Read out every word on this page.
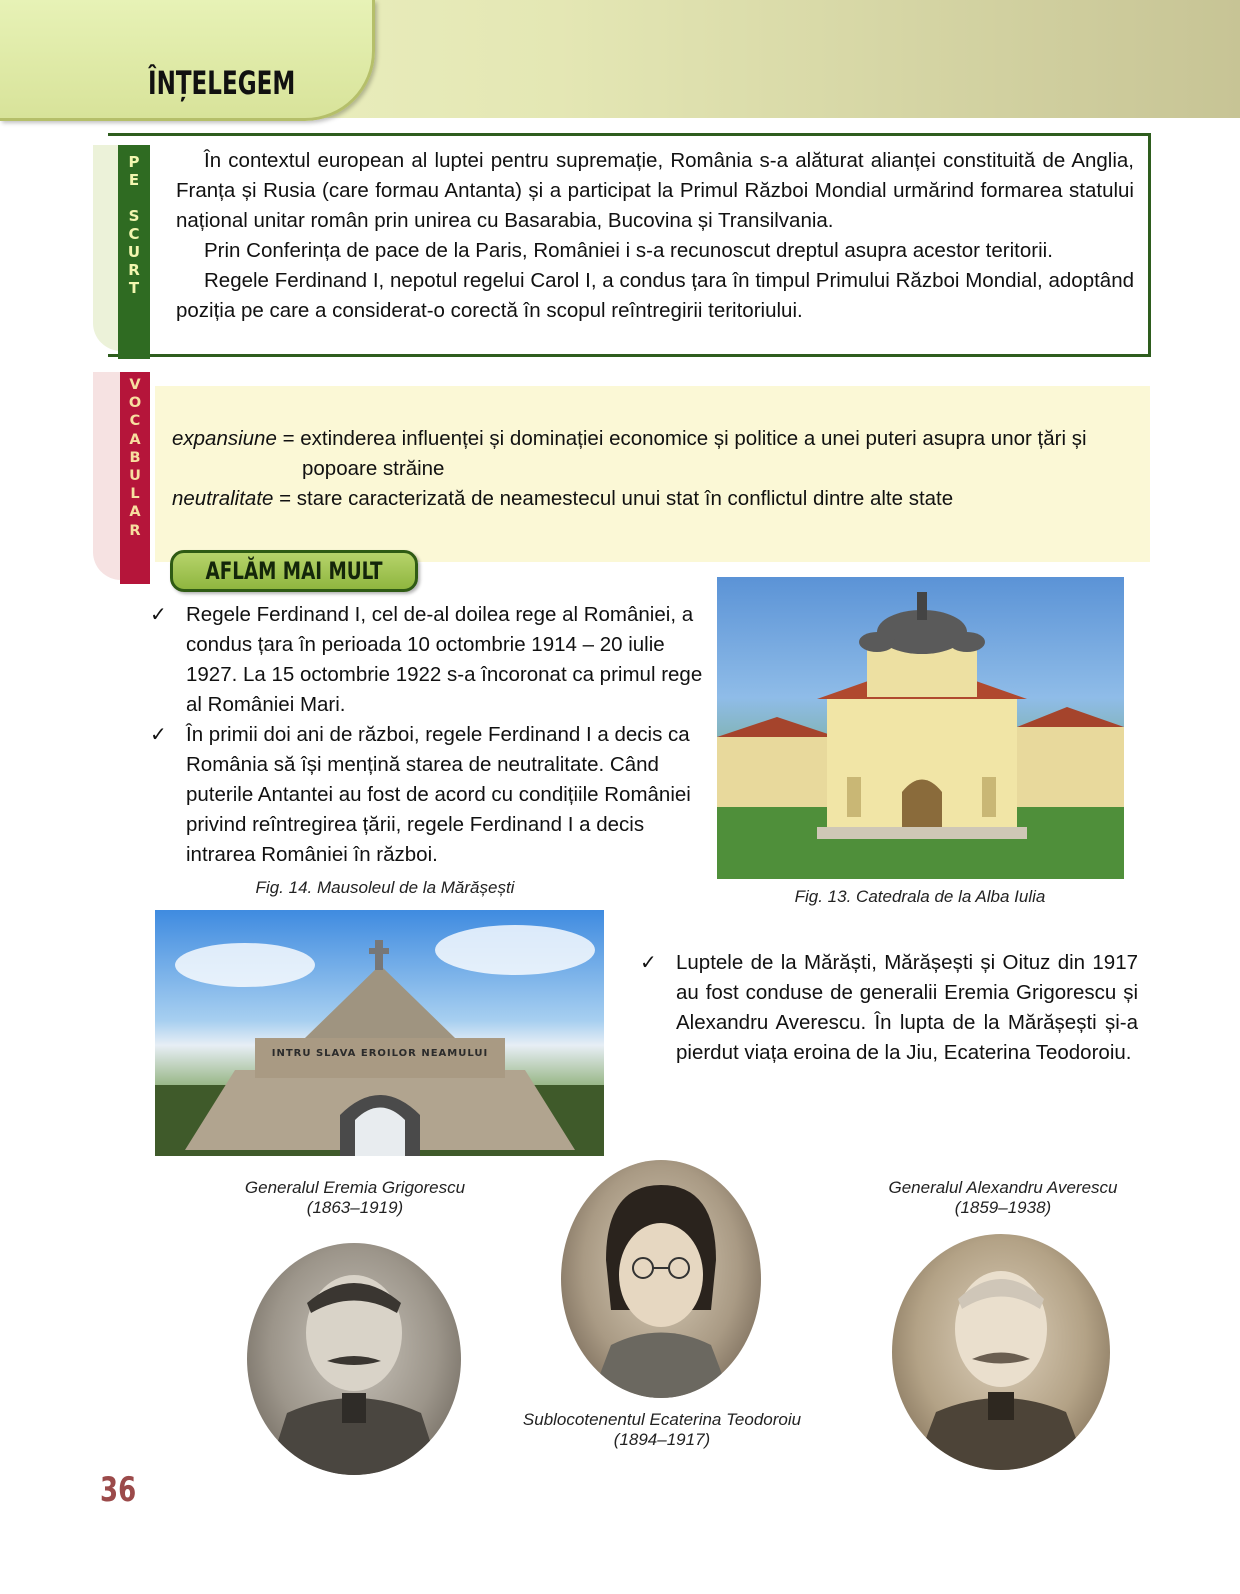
ÎNȚELEGEM
P
E
S
C
U
R
T

În contextul european al luptei pentru supremație, România s-a alăturat alianței constituită de Anglia, Franța și Rusia (care formau Antanta) și a participat la Primul Război Mondial urmărind formarea statului național unitar român prin unirea cu Basarabia, Bucovina și Transilvania.

Prin Conferința de pace de la Paris, României i s-a recunoscut dreptul asupra acestor teritorii.

Regele Ferdinand I, nepotul regelui Carol I, a condus țara în timpul Primului Război Mondial, adoptând poziția pe care a considerat-o corectă în scopul reîntregirii teritoriului.

V
O
C
A
B
U
L
A
R

expansiune = extinderea influenței și dominației economice și politice a unei puteri asupra unor țări și popoare străine

neutralitate = stare caracterizată de neamestecul unui stat în conflictul dintre alte state

AFLĂM MAI MULT
✓ Regele Ferdinand I, cel de-al doilea rege al României, a condus țara în perioada 10 octombrie 1914 – 20 iulie 1927. La 15 octombrie 1922 s-a încoronat ca primul rege al României Mari.
✓ În primii doi ani de război, regele Ferdinand I a decis ca România să își mențină starea de neutralitate. Când puterile Antantei au fost de acord cu condițiile României privind reîntregirea țării, regele Ferdinand I a decis intrarea României în război.
✓ Luptele de la Mărăști, Mărășești și Oituz din 1917 au fost conduse de generalii Eremia Grigorescu și Alexandru Averescu. În lupta de la Mărășești și-a pierdut viața eroina de la Jiu, Ecaterina Teodoroiu.
Fig. 13. Catedrala de la Alba Iulia
Fig. 14. Mausoleul de la Mărășești
INTRU SLAVA EROILOR NEAMULUI
Generalul Eremia Grigorescu
(1863–1919)
Sublocotenentul Ecaterina Teodoroiu
(1894–1917)
Generalul Alexandru Averescu
(1859–1938)
36
